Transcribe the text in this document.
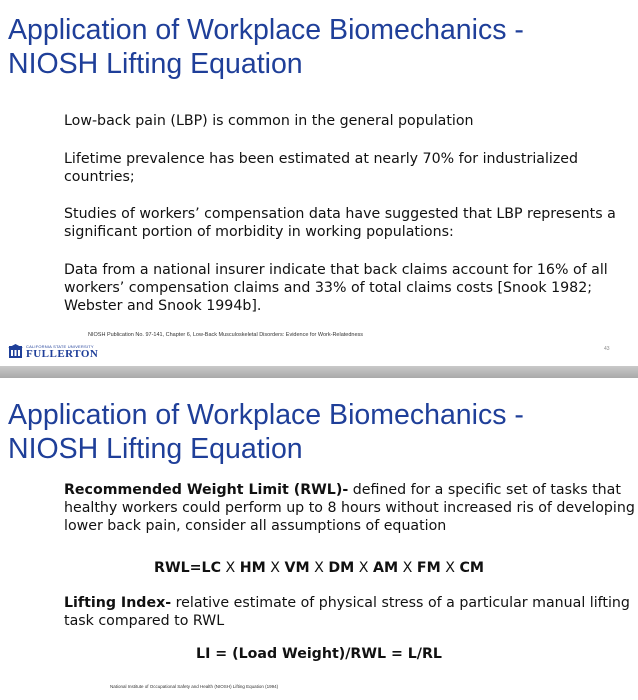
Application of Workplace Biomechanics -
NIOSH Lifting Equation
Low-back pain (LBP) is common in the general population
Lifetime prevalence has been estimated at nearly 70% for industrialized countries;
Studies of workers’ compensation data have suggested that LBP represents a significant portion of morbidity in working populations:
Data from a national insurer indicate that back claims account for 16% of all workers’ compensation claims and 33% of total claims costs [Snook 1982; Webster and Snook 1994b].
NIOSH Publication No. 97-141, Chapter 6, Low-Back Musculoskeletal Disorders: Evidence for Work-Relatedness
CALIFORNIA STATE UNIVERSITY
FULLERTON	43
Application of Workplace Biomechanics -
NIOSH Lifting Equation
Recommended Weight Limit (RWL)- defined for a specific set of tasks that healthy workers could perform up to 8 hours without increased ris of developing lower back pain, consider all assumptions of equation
RWL=LC X HM X VM X DM X AM X FM X CM
Lifting Index- relative estimate of physical stress of a particular manual lifting task compared to RWL
LI = (Load Weight)/RWL = L/RL
National Institute of Occupational Safety and Health (NIOSH) Lifting Equation (1994)
